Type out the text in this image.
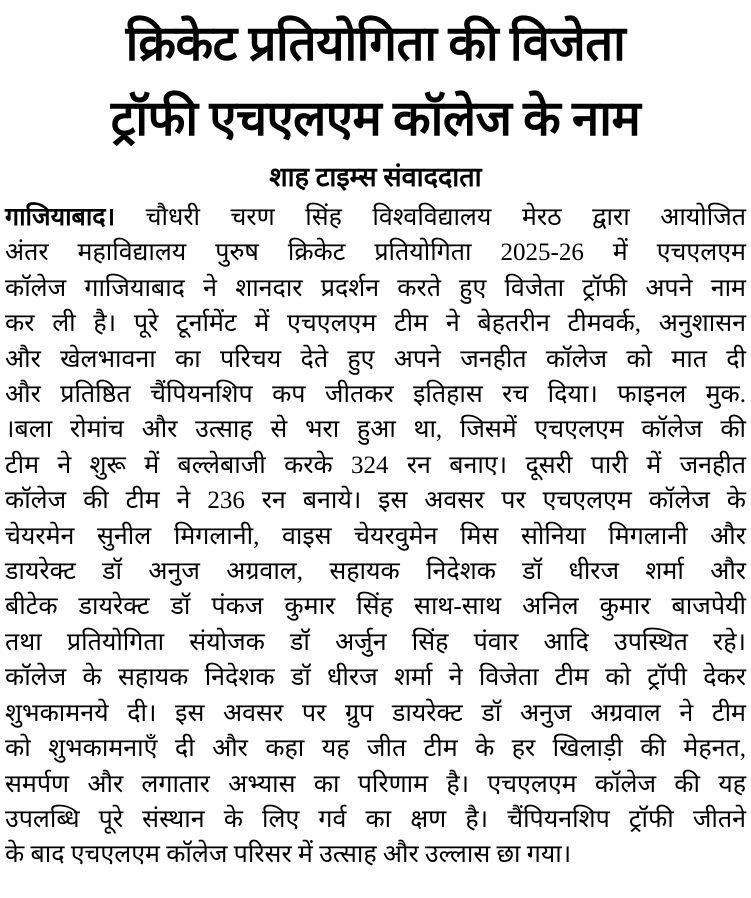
क्रिकेट प्रतियोगिता की विजेता
ट्रॉफी एचएलएम कॉलेज के नाम
शाह टाइम्स संवाददाता
गाजियाबाद। चौधरी चरण सिंह विश्वविद्यालय मेरठ द्वारा आयोजित
अंतर महाविद्यालय पुरुष क्रिकेट प्रतियोगिता 2025-26 में एचएलएम
कॉलेज गाजियाबाद ने शानदार प्रदर्शन करते हुए विजेता ट्रॉफी अपने नाम
कर ली है। पूरे टूर्नामेंट में एचएलएम टीम ने बेहतरीन टीमवर्क, अनुशासन
और खेलभावना का परिचय देते हुए अपने जनहीत कॉलेज को मात दी
और प्रतिष्ठित चैंपियनशिप कप जीतकर इतिहास रच दिया। फाइनल मुक.
।बला रोमांच और उत्साह से भरा हुआ था, जिसमें एचएलएम कॉलेज की
टीम ने शुरू में बल्लेबाजी करके 324 रन बनाए। दूसरी पारी में जनहीत
कॉलेज की टीम ने 236 रन बनाये। इस अवसर पर एचएलएम कॉलेज के
चेयरमेन सुनील मिगलानी, वाइस चेयरवुमेन मिस सोनिया मिगलानी और
डायरेक्ट डॉ अनुज अग्रवाल, सहायक निदेशक डॉ धीरज शर्मा और
बीटेक डायरेक्ट डॉ पंकज कुमार सिंह साथ-साथ अनिल कुमार बाजपेयी
तथा प्रतियोगिता संयोजक डॉ अर्जुन सिंह पंवार आदि उपस्थित रहे।
कॉलेज के सहायक निदेशक डॉ धीरज शर्मा ने विजेता टीम को ट्रॉपी देकर
शुभकामनये दी। इस अवसर पर ग्रुप डायरेक्ट डॉ अनुज अग्रवाल ने टीम
को शुभकामनाएँ दी और कहा यह जीत टीम के हर खिलाड़ी की मेहनत,
समर्पण और लगातार अभ्यास का परिणाम है। एचएलएम कॉलेज की यह
उपलब्धि पूरे संस्थान के लिए गर्व का क्षण है। चैंपियनशिप ट्रॉफी जीतने
के बाद एचएलएम कॉलेज परिसर में उत्साह और उल्लास छा गया।
